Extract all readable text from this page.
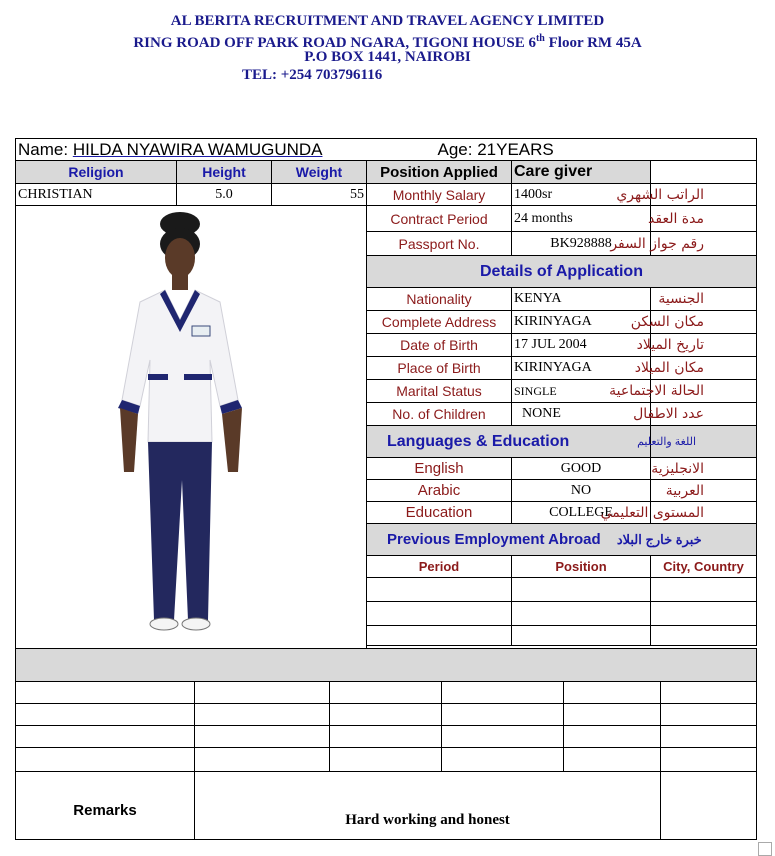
AL BERITA RECRUITMENT AND TRAVEL AGENCY LIMITED
RING ROAD OFF PARK ROAD NGARA, TIGONI HOUSE 6th Floor RM 45A
P.O BOX 1441, NAIROBI
TEL: +254 703796116
Name: HILDA NYAWIRA WAMUGUNDA	Age: 21YEARS
Religion	Height	Weight
CHRISTIAN	5.0	55

Position Applied	Care giver	
Monthly Salary	1400sr	الراتب الشهري
Contract Period	24 months	مدة العقد
Passport No.	BK928888	رقم جواز السفر
Details of Application		
Nationality	KENYA	الجنسية
Complete Address	KIRINYAGA	مكان السكن
Date of Birth	17 JUL 2004	تاريخ الميلاد
Place of Birth	KIRINYAGA	مكان الميلاد
Marital Status	SINGLE	الحالة الاجتماعية
No. of Children	NONE	عدد الاطفال
Languages & Education		اللغة والتعليم
English	GOOD	الانجليزية
Arabic	NO	العربية
Education	COLLEGE	المستوى التعليمي
Previous Employment Abroad خبرة خارج البلاد		
Period	Position	City, Country

Remarks	Hard working and honest				
